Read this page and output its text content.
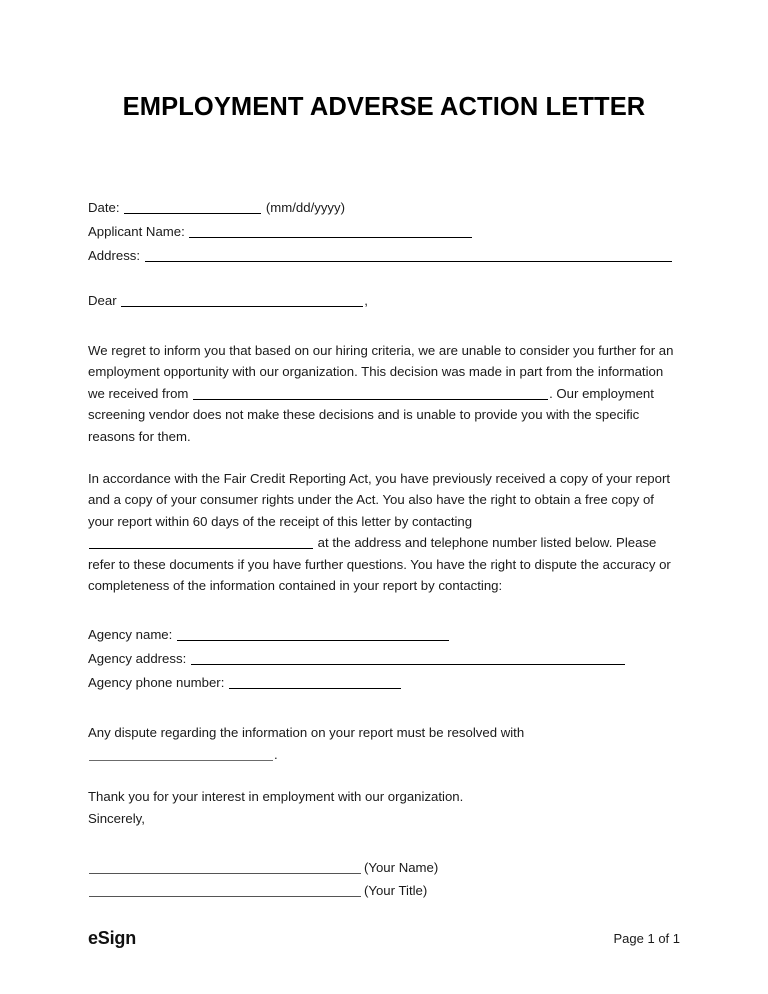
EMPLOYMENT ADVERSE ACTION LETTER
Date:	(mm/dd/yyyy)
Applicant Name:
Address:
Dear	,
We regret to inform you that based on our hiring criteria, we are unable to consider you further for an employment opportunity with our organization. This decision was made in part from the information we received from	. Our employment screening vendor does not make these decisions and is unable to provide you with the specific reasons for them.
In accordance with the Fair Credit Reporting Act, you have previously received a copy of your report and a copy of your consumer rights under the Act. You also have the right to obtain a free copy of your report within 60 days of the receipt of this letter by contacting
at the address and telephone number listed below. Please refer to these documents if you have further questions. You have the right to dispute the accuracy or completeness of the information contained in your report by contacting:
Agency name:
Agency address:
Agency phone number:
Any dispute regarding the information on your report must be resolved with
.
Thank you for your interest in employment with our organization.
Sincerely,
(Your Name)
(Your Title)
eSign	Page 1 of 1
